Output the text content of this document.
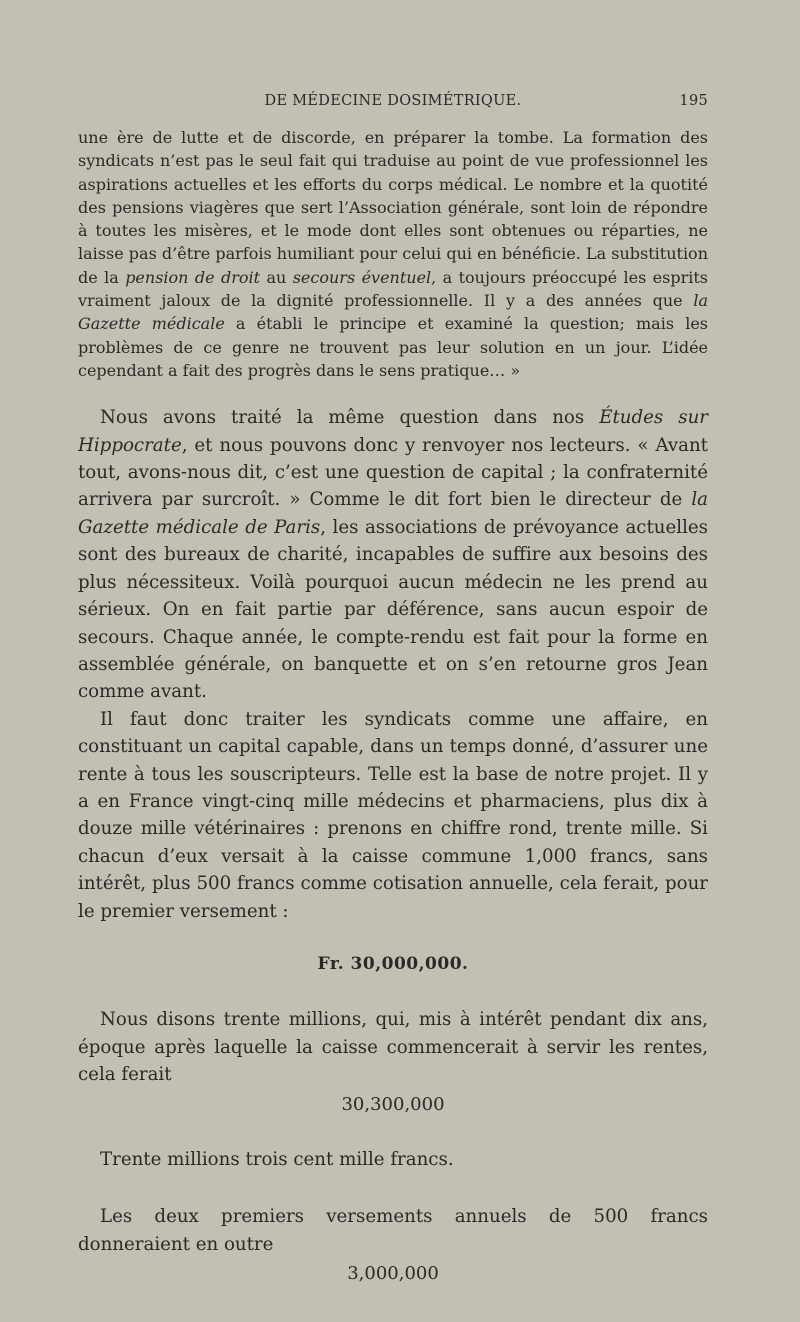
DE MÉDECINE DOSIMÉTRIQUE.	195

une ère de lutte et de discorde, en préparer la tombe. La formation des syndicats n’est pas le seul fait qui traduise au point de vue professionnel les aspirations actuelles et les efforts du corps médical. Le nombre et la quotité des pensions viagères que sert l’Association générale, sont loin de répondre à toutes les misères, et le mode dont elles sont obtenues ou réparties, ne laisse pas d’être parfois humiliant pour celui qui en bénéficie. La substitution de la pension de droit au secours éventuel, a toujours préoccupé les esprits vraiment jaloux de la dignité professionnelle. Il y a des années que la Gazette médicale a établi le principe et examiné la question; mais les problèmes de ce genre ne trouvent pas leur solution en un jour. L’idée cependant a fait des progrès dans le sens pratique… »

Nous avons traité la même question dans nos Études sur Hippocrate, et nous pouvons donc y renvoyer nos lecteurs. « Avant tout, avons-nous dit, c’est une question de capital ; la confraternité arrivera par surcroît. » Comme le dit fort bien le directeur de la Gazette médicale de Paris, les associations de prévoyance actuelles sont des bureaux de charité, incapables de suffire aux besoins des plus nécessiteux. Voilà pourquoi aucun médecin ne les prend au sérieux. On en fait partie par déférence, sans aucun espoir de secours. Chaque année, le compte-rendu est fait pour la forme en assemblée générale, on banquette et on s’en retourne gros Jean comme avant.

Il faut donc traiter les syndicats comme une affaire, en constituant un capital capable, dans un temps donné, d’assurer une rente à tous les souscripteurs. Telle est la base de notre projet. Il y a en France vingt-cinq mille médecins et pharmaciens, plus dix à douze mille vétérinaires : prenons en chiffre rond, trente mille. Si chacun d’eux versait à la caisse commune 1,000 francs, sans intérêt, plus 500 francs comme cotisation annuelle, cela ferait, pour le premier versement :

Fr. 30,000,000.

Nous disons trente millions, qui, mis à intérêt pendant dix ans, époque après laquelle la caisse commencerait à servir les rentes, cela ferait

30,300,000

Trente millions trois cent mille francs.

Les deux premiers versements annuels de 500 francs donneraient en outre

3,000,000
